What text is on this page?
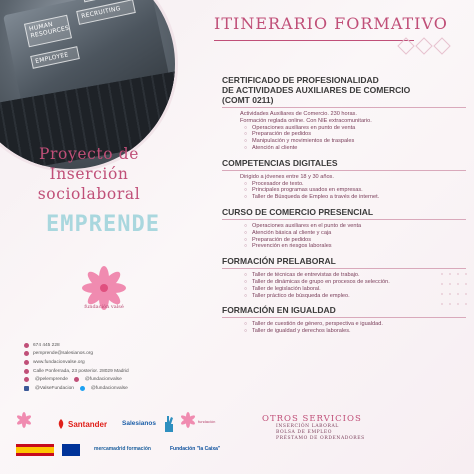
HUMAN RESOURCES
EMPLOYEE
RECRUITING
Proyecto de
Inserción
sociolaboral
EMPRENDE
fundación valsé
674 445 228
pemprende@salesianos.org
www.fundacionvalse.org
Calle Ponferrada, 23 posterior. 28029 Madrid
@pelemprende	@fundacionvalse
@ValseFundacion	@fundacionvalse
Santander Salesianos	fundación
mercamadrid formación	Fundación "la Caixa"
ITINERARIO FORMATIVO
CERTIFICADO DE PROFESIONALIDAD
DE ACTIVIDADES AUXILIARES DE COMERCIO
(COMT 0211)
Actividades Auxiliares de Comercio. 230 horas.
Formación reglada online. Con NIE extracomunitario.
○ Operaciones auxiliares en punto de venta
○ Preparación de pedidos
○ Manipulación y movimientos de traspales
○ Atención al cliente
COMPETENCIAS DIGITALES
Dirigido a jóvenes entre 18 y 30 años.
○ Procesador de texto.
○ Principales programas usados en empresas.
○ Taller de Búsqueda de Empleo a través de internet.
CURSO DE COMERCIO PRESENCIAL
○ Operaciones auxiliares en el punto de venta
○ Atención básica al cliente y caja
○ Preparación de pedidos
○ Prevención en riesgos laborales
FORMACIÓN PRELABORAL
○ Taller de técnicas de entrevistas de trabajo.
○ Taller de dinámicas de grupo en procesos de selección.
○ Taller de legislación laboral.
○ Taller práctico de búsqueda de empleo.
FORMACIÓN EN IGUALDAD
○ Taller de cuestión de género, perspectiva e igualdad.
○ Taller de igualdad y derechos laborales.
OTROS SERVICIOS
INSERCIÓN LABORAL
BOLSA DE EMPLEO
PRÉSTAMO DE ORDENADORES
